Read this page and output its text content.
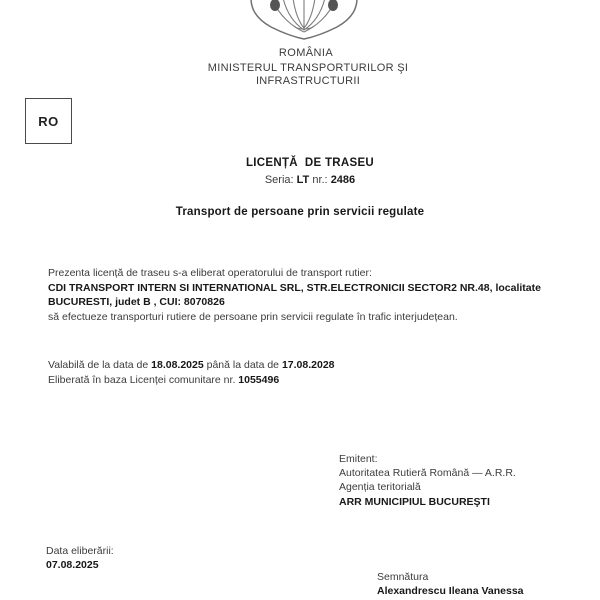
ROMÂNIA
MINISTERUL TRANSPORTURILOR ŞI
INFRASTRUCTURII
RO
LICENȚĂ  DE TRASEU
Seria: LT nr.: 2486
Transport de persoane prin servicii regulate
Prezenta licență de traseu s-a eliberat operatorului de transport rutier:
CDI TRANSPORT INTERN SI INTERNATIONAL SRL, STR.ELECTRONICII SECTOR2 NR.48, localitate
BUCURESTI, judet B , CUI: 8070826
să efectueze transporturi rutiere de persoane prin servicii regulate în trafic interjudețean.
Valabilă de la data de 18.08.2025 până la data de 17.08.2028
Eliberată în baza Licenței comunitare nr. 1055496
Emitent:
Autoritatea Rutieră Română — A.R.R.
Agenția teritorială
ARR MUNICIPIUL BUCUREŞTI
Data eliberării:
07.08.2025
Semnătura
Alexandrescu Ileana Vanessa
